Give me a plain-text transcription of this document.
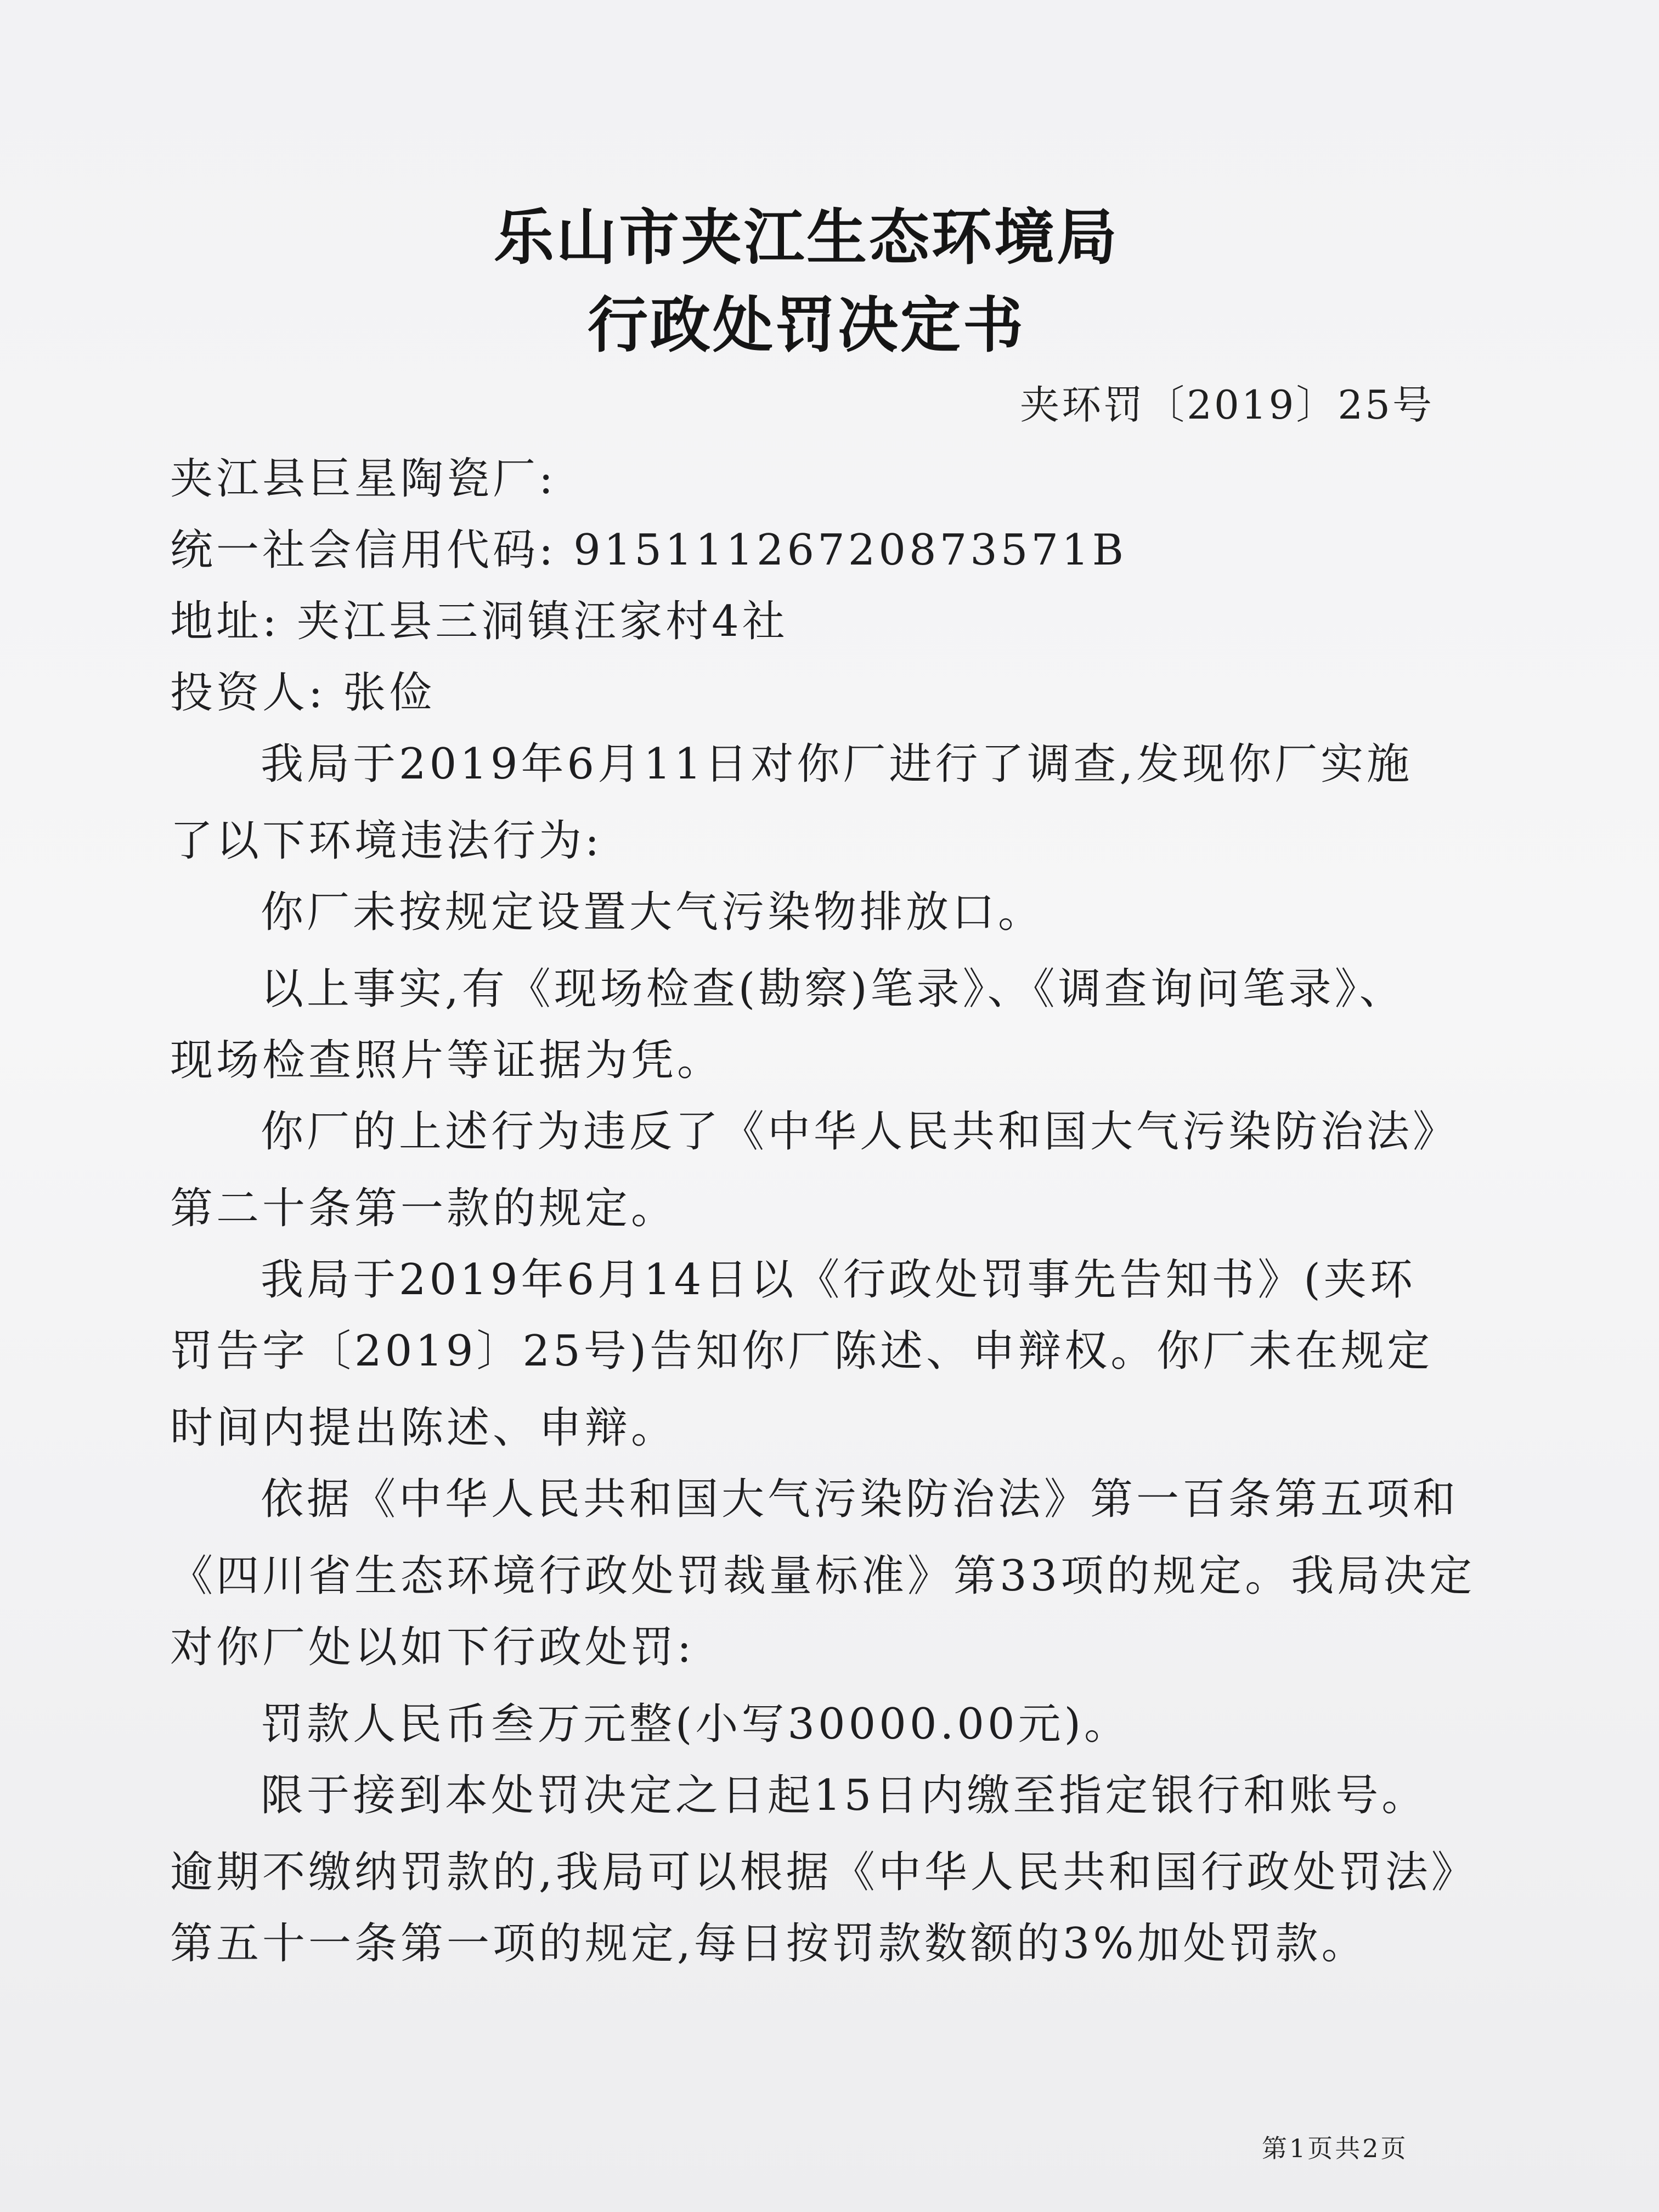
乐山市夹江生态环境局
行政处罚决定书
夹环罚〔2019〕25号
夹江县巨星陶瓷厂:
统一社会信用代码: 91511126720873571B
地址: 夹江县三洞镇汪家村4社
投资人: 张俭
我局于2019年6月11日对你厂进行了调查,发现你厂实施
了以下环境违法行为:
你厂未按规定设置大气污染物排放口。
以上事实,有《现场检查(勘察)笔录》、《调查询问笔录》、
现场检查照片等证据为凭。
你厂的上述行为违反了《中华人民共和国大气污染防治法》
第二十条第一款的规定。
我局于2019年6月14日以《行政处罚事先告知书》(夹环
罚告字〔2019〕25号)告知你厂陈述、申辩权。你厂未在规定
时间内提出陈述、申辩。
依据《中华人民共和国大气污染防治法》第一百条第五项和
《四川省生态环境行政处罚裁量标准》第33项的规定。我局决定
对你厂处以如下行政处罚:
罚款人民币叁万元整(小写30000.00元)。
限于接到本处罚决定之日起15日内缴至指定银行和账号。
逾期不缴纳罚款的,我局可以根据《中华人民共和国行政处罚法》
第五十一条第一项的规定,每日按罚款数额的3%加处罚款。
第1页共2页
